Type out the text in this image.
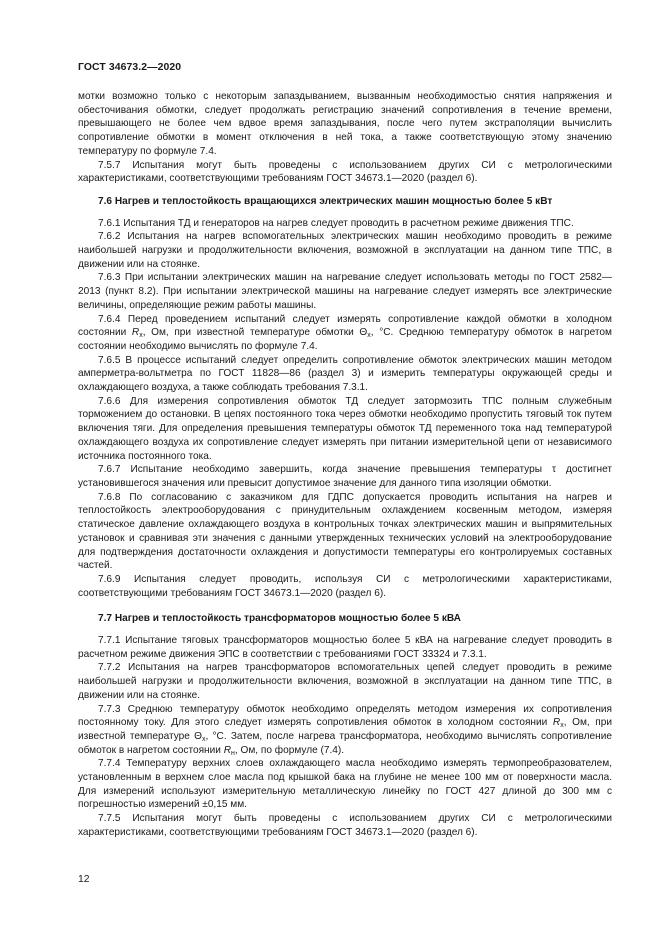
ГОСТ 34673.2—2020

мотки возможно только с некоторым запаздыванием, вызванным необходимостью снятия напряжения и обесточивания обмотки, следует продолжать регистрацию значений сопротивления в течение времени, превышающего не более чем вдвое время запаздывания, после чего путем экстраполяции вычислить сопротивление обмотки в момент отключения в ней тока, а также соответствующую этому значению температуру по формуле 7.4.

7.5.7 Испытания могут быть проведены с использованием других СИ с метрологическими характеристиками, соответствующими требованиям ГОСТ 34673.1—2020 (раздел 6).

7.6 Нагрев и теплостойкость вращающихся электрических машин мощностью более 5 кВт

7.6.1 Испытания ТД и генераторов на нагрев следует проводить в расчетном режиме движения ТПС.

7.6.2 Испытания на нагрев вспомогательных электрических машин необходимо проводить в режиме наибольшей нагрузки и продолжительности включения, возможной в эксплуатации на данном типе ТПС, в движении или на стоянке.

7.6.3 При испытании электрических машин на нагревание следует использовать методы по ГОСТ 2582—2013 (пункт 8.2). При испытании электрической машины на нагревание следует измерять все электрические величины, определяющие режим работы машины.

7.6.4 Перед проведением испытаний следует измерять сопротивление каждой обмотки в холодном состоянии $R_x$, Ом, при известной температуре обмотки $\Theta_x$, °С. Среднюю температуру обмоток в нагретом состоянии необходимо вычислять по формуле 7.4.

7.6.5 В процессе испытаний следует определить сопротивление обмоток электрических машин методом амперметра-вольтметра по ГОСТ 11828—86 (раздел 3) и измерить температуры окружающей среды и охлаждающего воздуха, а также соблюдать требования 7.3.1.

7.6.6 Для измерения сопротивления обмоток ТД следует затормозить ТПС полным служебным торможением до остановки. В цепях постоянного тока через обмотки необходимо пропустить тяговый ток путем включения тяги. Для определения превышения температуры обмоток ТД переменного тока над температурой охлаждающего воздуха их сопротивление следует измерять при питании измерительной цепи от независимого источника постоянного тока.

7.6.7 Испытание необходимо завершить, когда значение превышения температуры τ достигнет установившегося значения или превысит допустимое значение для данного типа изоляции обмотки.

7.6.8 По согласованию с заказчиком для ГДПС допускается проводить испытания на нагрев и теплостойкость электрооборудования с принудительным охлаждением косвенным методом, измеряя статическое давление охлаждающего воздуха в контрольных точках электрических машин и выпрямительных установок и сравнивая эти значения с данными утвержденных технических условий на электрооборудование для подтверждения достаточности охлаждения и допустимости температуры его контролируемых составных частей.

7.6.9 Испытания следует проводить, используя СИ с метрологическими характеристиками, соответствующими требованиям ГОСТ 34673.1—2020 (раздел 6).

7.7 Нагрев и теплостойкость трансформаторов мощностью более 5 кВА

7.7.1 Испытание тяговых трансформаторов мощностью более 5 кВА на нагревание следует проводить в расчетном режиме движения ЭПС в соответствии с требованиями ГОСТ 33324 и 7.3.1.

7.7.2 Испытания на нагрев трансформаторов вспомогательных цепей следует проводить в режиме наибольшей нагрузки и продолжительности включения, возможной в эксплуатации на данном типе ТПС, в движении или на стоянке.

7.7.3 Среднюю температуру обмоток необходимо определять методом измерения их сопротивления постоянному току. Для этого следует измерять сопротивления обмоток в холодном состоянии $R_x$, Ом, при известной температуре $\Theta_x$, °С. Затем, после нагрева трансформатора, необходимо вычислять сопротивление обмоток в нагретом состоянии $R_н$, Ом, по формуле (7.4).

7.7.4 Температуру верхних слоев охлаждающего масла необходимо измерять термопреобразователем, установленным в верхнем слое масла под крышкой бака на глубине не менее 100 мм от поверхности масла. Для измерений используют измерительную металлическую линейку по ГОСТ 427 длиной до 300 мм с погрешностью измерений ±0,15 мм.

7.7.5 Испытания могут быть проведены с использованием других СИ с метрологическими характеристиками, соответствующими требованиям ГОСТ 34673.1—2020 (раздел 6).

12
